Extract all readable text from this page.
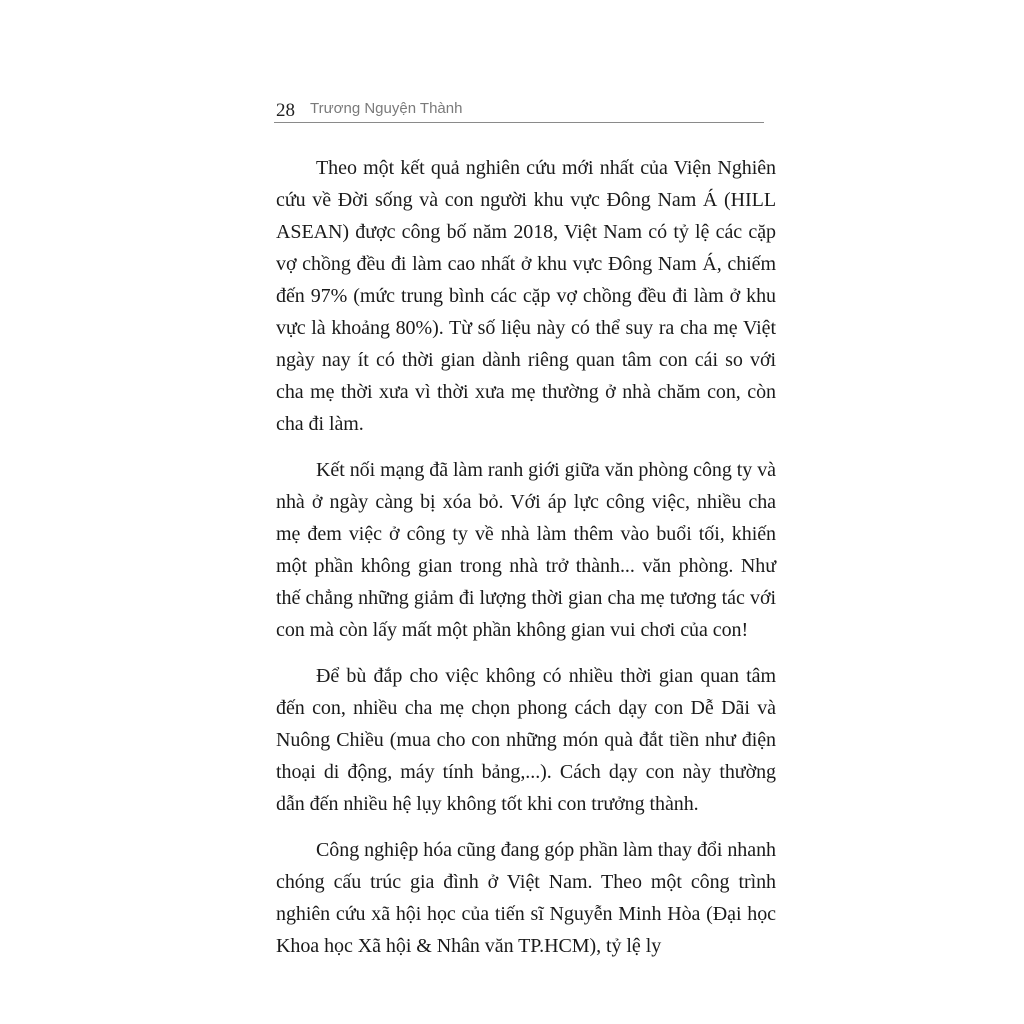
28 Trương Nguyện Thành

Theo một kết quả nghiên cứu mới nhất của Viện Nghiên cứu về Đời sống và con người khu vực Đông Nam Á (HILL ASEAN) được công bố năm 2018, Việt Nam có tỷ lệ các cặp vợ chồng đều đi làm cao nhất ở khu vực Đông Nam Á, chiếm đến 97% (mức trung bình các cặp vợ chồng đều đi làm ở khu vực là khoảng 80%). Từ số liệu này có thể suy ra cha mẹ Việt ngày nay ít có thời gian dành riêng quan tâm con cái so với cha mẹ thời xưa vì thời xưa mẹ thường ở nhà chăm con, còn cha đi làm.

Kết nối mạng đã làm ranh giới giữa văn phòng công ty và nhà ở ngày càng bị xóa bỏ. Với áp lực công việc, nhiều cha mẹ đem việc ở công ty về nhà làm thêm vào buổi tối, khiến một phần không gian trong nhà trở thành... văn phòng. Như thế chẳng những giảm đi lượng thời gian cha mẹ tương tác với con mà còn lấy mất một phần không gian vui chơi của con!

Để bù đắp cho việc không có nhiều thời gian quan tâm đến con, nhiều cha mẹ chọn phong cách dạy con Dễ Dãi và Nuông Chiều (mua cho con những món quà đắt tiền như điện thoại di động, máy tính bảng,...). Cách dạy con này thường dẫn đến nhiều hệ lụy không tốt khi con trưởng thành.

Công nghiệp hóa cũng đang góp phần làm thay đổi nhanh chóng cấu trúc gia đình ở Việt Nam. Theo một công trình nghiên cứu xã hội học của tiến sĩ Nguyễn Minh Hòa (Đại học Khoa học Xã hội & Nhân văn TP.HCM), tỷ lệ ly
